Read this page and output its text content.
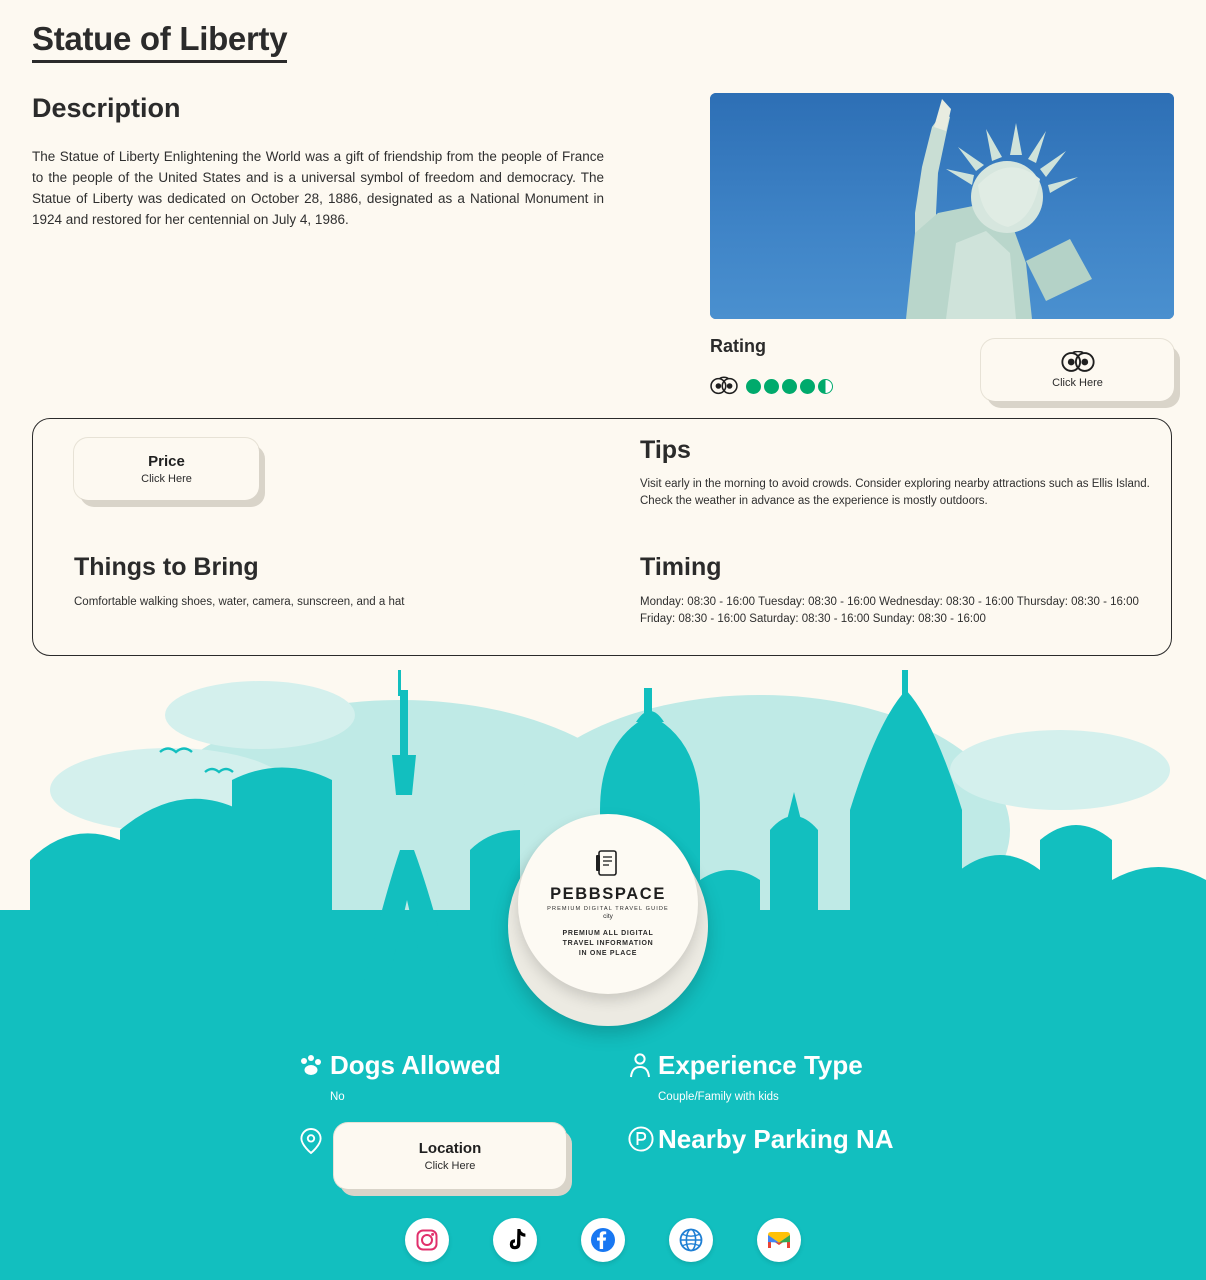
Statue of Liberty
Description

The Statue of Liberty Enlightening the World was a gift of friendship from the people of France to the people of the United States and is a universal symbol of freedom and democracy. The Statue of Liberty was dedicated on October 28, 1886, designated as a National Monument in 1924 and restored for her centennial on July 4, 1986.

Rating
Click Here
Price
Click Here
Tips

Visit early in the morning to avoid crowds. Consider exploring nearby attractions such as Ellis Island. Check the weather in advance as the experience is mostly outdoors.

Things to Bring

Comfortable walking shoes, water, camera, sunscreen, and a hat

Timing
Monday: 08:30 - 16:00 Tuesday: 08:30 - 16:00 Wednesday: 08:30 - 16:00 Thursday: 08:30 - 16:00
Friday: 08:30 - 16:00 Saturday: 08:30 - 16:00 Sunday: 08:30 - 16:00
PEBBSPACE
PREMIUM DIGITAL TRAVEL GUIDE
city
PREMIUM ALL DIGITAL
TRAVEL INFORMATION
IN ONE PLACE
Dogs Allowed
No
Experience Type
Couple/Family with kids
Location
Click Here
Nearby Parking NA
